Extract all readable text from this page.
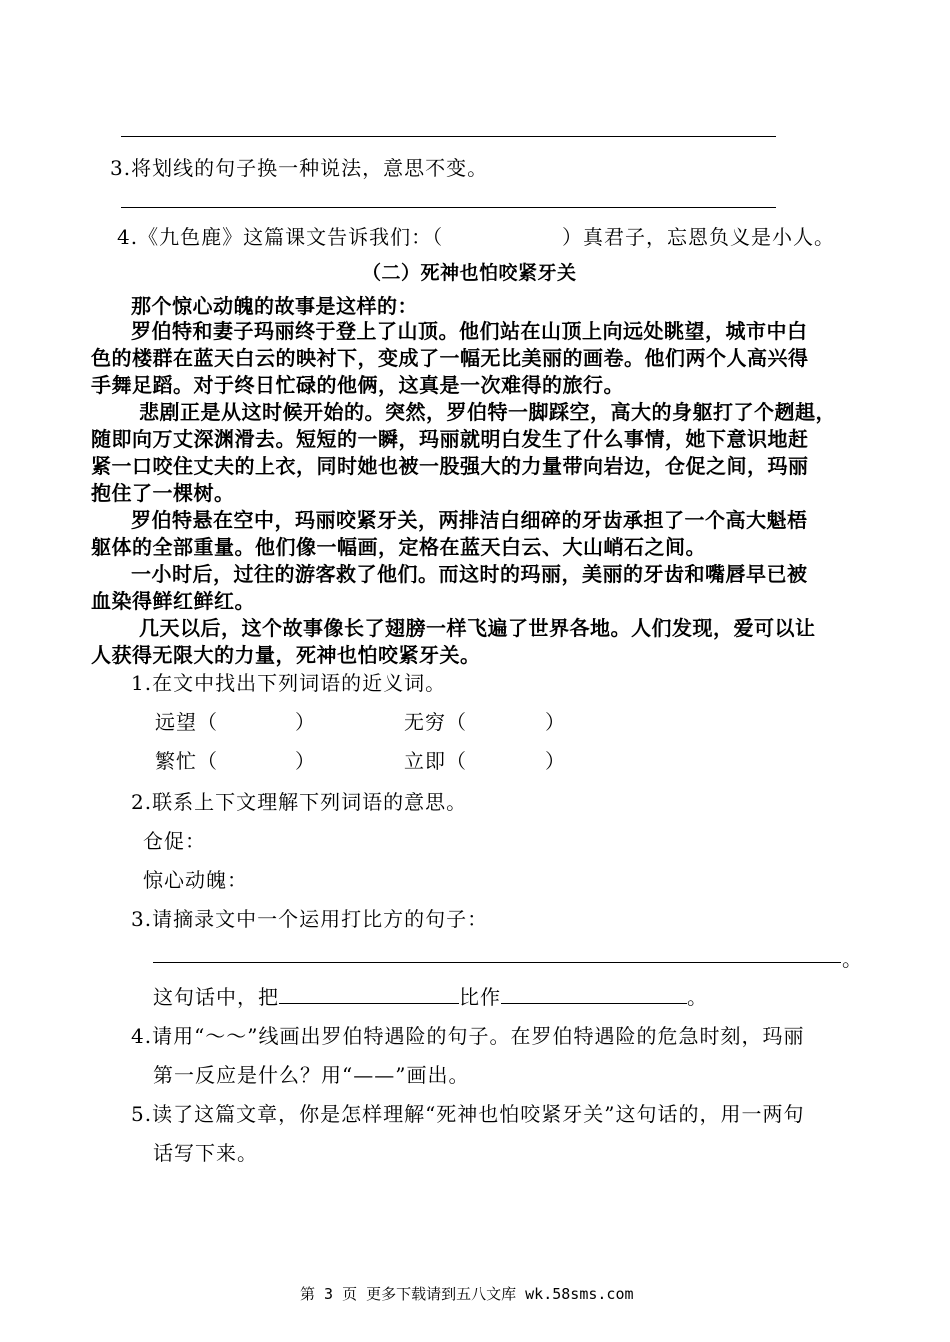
3.将划线的句子换一种说法，意思不变。
4.《九色鹿》这篇课文告诉我们：（	）真君子，忘恩负义是小人。
（二）死神也怕咬紧牙关
那个惊心动魄的故事是这样的：
罗伯特和妻子玛丽终于登上了山顶。他们站在山顶上向远处眺望，城市中白
色的楼群在蓝天白云的映衬下，变成了一幅无比美丽的画卷。他们两个人高兴得
手舞足蹈。对于终日忙碌的他俩，这真是一次难得的旅行。
悲剧正是从这时候开始的。突然，罗伯特一脚踩空，高大的身躯打了个趔趄，
随即向万丈深渊滑去。短短的一瞬，玛丽就明白发生了什么事情，她下意识地赶
紧一口咬住丈夫的上衣，同时她也被一股强大的力量带向岩边，仓促之间，玛丽
抱住了一棵树。
罗伯特悬在空中，玛丽咬紧牙关，两排洁白细碎的牙齿承担了一个高大魁梧
躯体的全部重量。他们像一幅画，定格在蓝天白云、大山峭石之间。
一小时后，过往的游客救了他们。而这时的玛丽，美丽的牙齿和嘴唇早已被
血染得鲜红鲜红。
几天以后，这个故事像长了翅膀一样飞遍了世界各地。人们发现，爱可以让
人获得无限大的力量，死神也怕咬紧牙关。
1.在文中找出下列词语的近义词。
远望（	）	无穷（	）
繁忙（	）	立即（	）
2.联系上下文理解下列词语的意思。
仓促：
惊心动魄：
3.请摘录文中一个运用打比方的句子：
。
这句话中，把	比作	。
4.请用“～～”线画出罗伯特遇险的句子。在罗伯特遇险的危急时刻，玛丽
第一反应是什么？用“——”画出。
5.读了这篇文章，你是怎样理解“死神也怕咬紧牙关”这句话的，用一两句
话写下来。
第 3 页 更多下载请到五八文库 wk.58sms.com
